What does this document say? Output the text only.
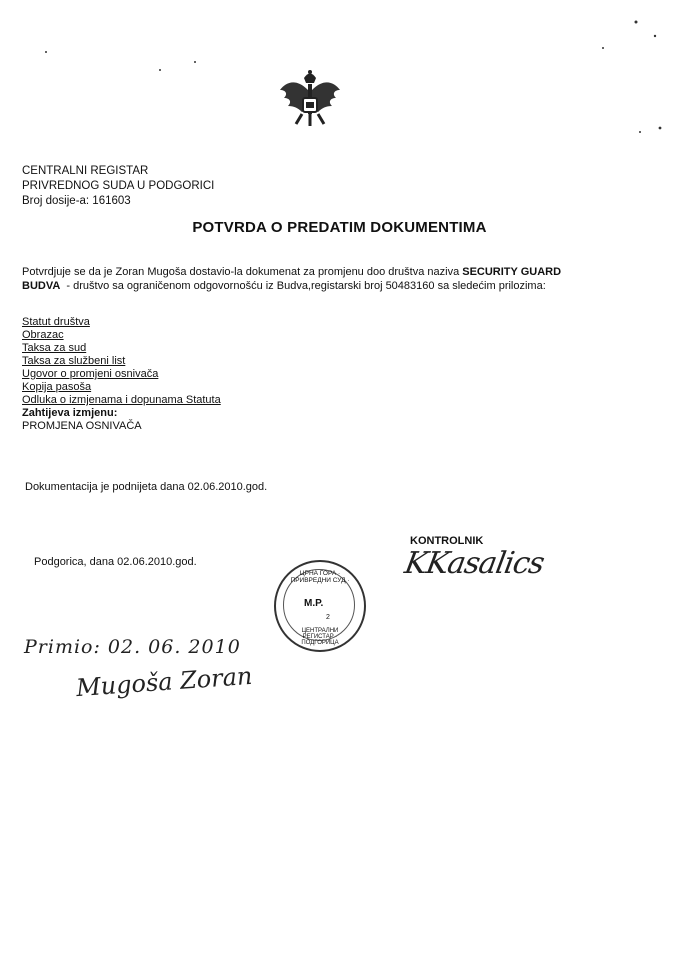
CENTRALNI REGISTAR
PRIVREDNOG SUDA U PODGORICI
Broj dosije-a: 161603
POTVRDA O PREDATIM DOKUMENTIMA
Potvrdjuje se da je Zoran Mugoša dostavio-la dokumenat za promjenu doo društva naziva SECURITY GUARD
BUDVA  - društvo sa ograničenom odgovornošću iz Budva,registarski broj 50483160 sa sledećim prilozima:
Statut društva
Obrazac
Taksa za sud
Taksa za službeni list
Ugovor o promjeni osnivača
Kopija pasoša
Odluka o izmjenama i dopunama Statuta
Zahtijeva izmjenu:
PROMJENA OSNIVAČA
Dokumentacija je podnijeta dana 02.06.2010.god.
KONTROLNIK
KKasalics
Podgorica, dana 02.06.2010.god.
ЦРНА ГОРА · ПРИВРЕДНИ СУД ·
M.P.
2
ЦЕНТРАЛНИ РЕГИСТАР · ПОДГОРИЦА
Primio: 02. 06. 2010
Mugoša Zoran
